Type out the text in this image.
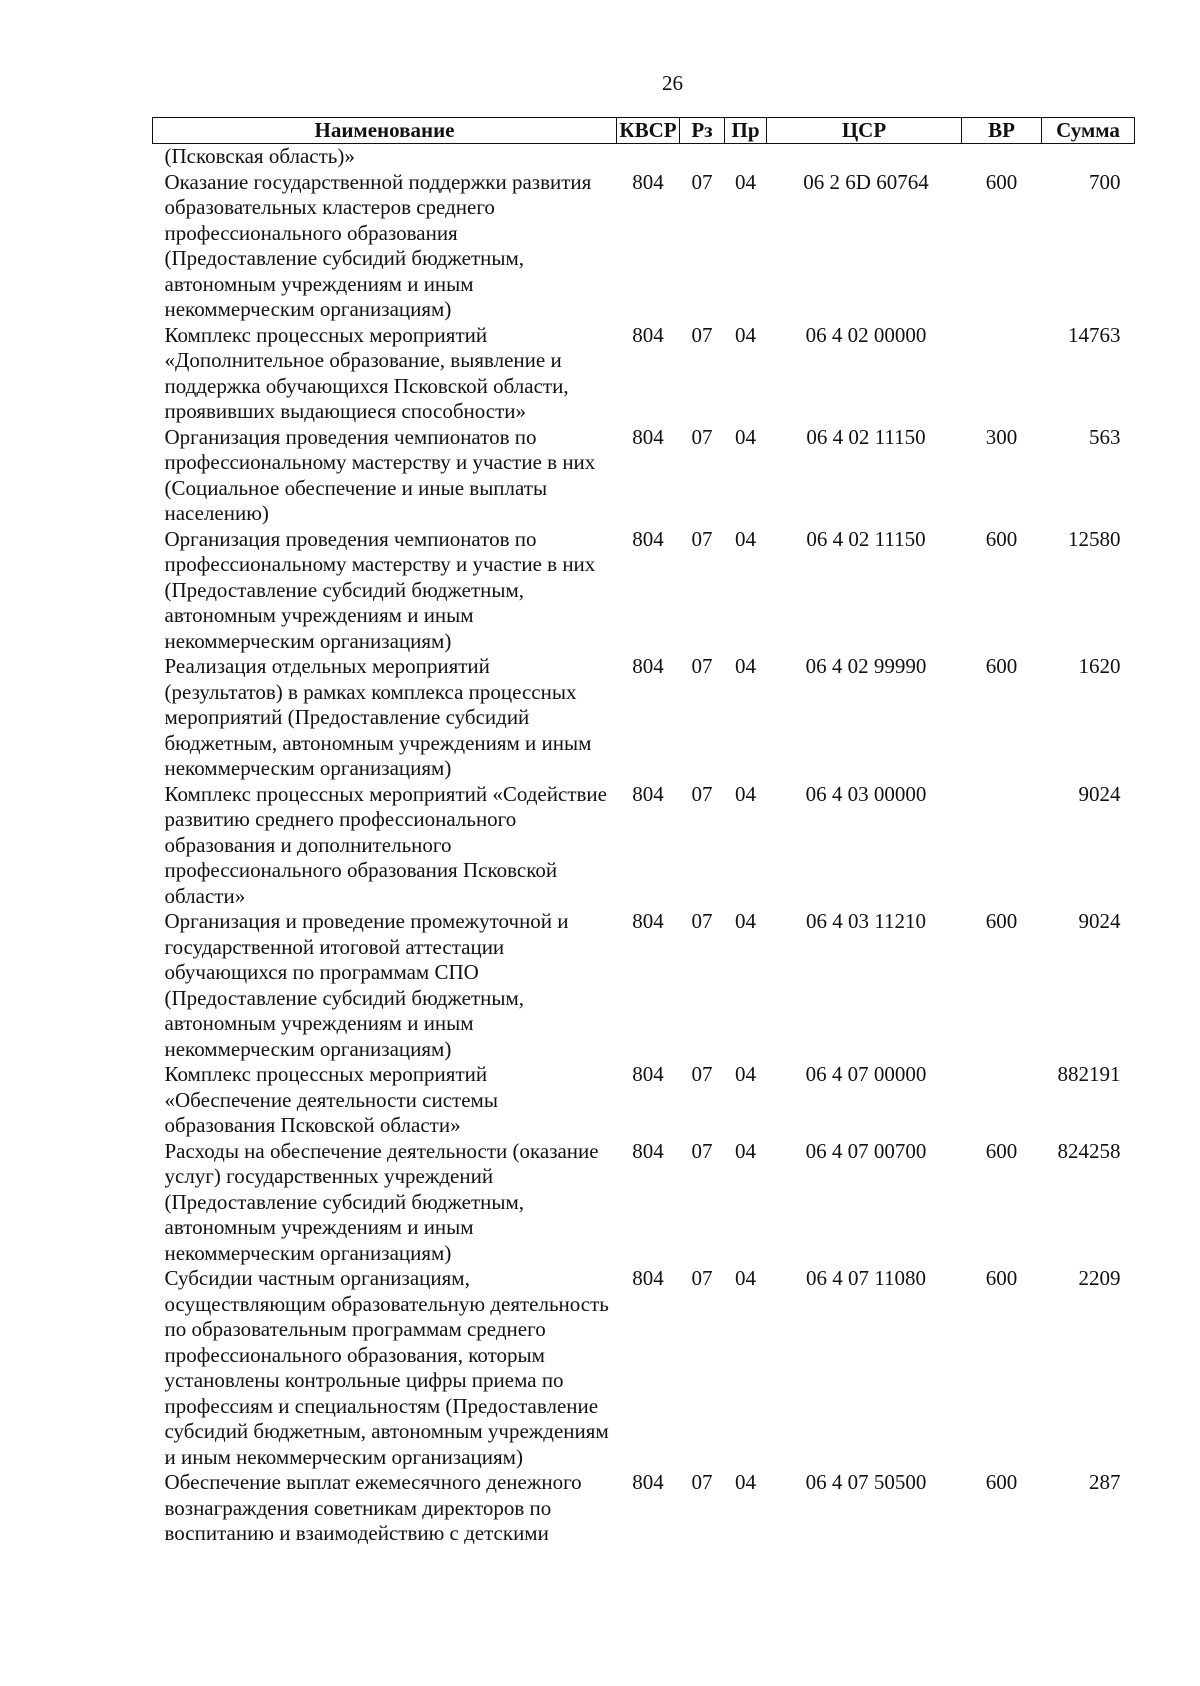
26
Наименование	КВСР	Рз	Пр	ЦСР	ВР	Сумма
(Псковская область)»						
Оказание государственной поддержки развития образовательных кластеров среднего профессионального образования (Предоставление субсидий бюджетным, автономным учреждениям и иным некоммерческим организациям)	804	07	04	06 2 6D 60764	600	700
Комплекс процессных мероприятий «Дополнительное образование, выявление и поддержка обучающихся Псковской области, проявивших выдающиеся способности»	804	07	04	06 4 02 00000		14763
Организация проведения чемпионатов по профессиональному мастерству и участие в них (Социальное обеспечение и иные выплаты населению)	804	07	04	06 4 02 11150	300	563
Организация проведения чемпионатов по профессиональному мастерству и участие в них (Предоставление субсидий бюджетным, автономным учреждениям и иным некоммерческим организациям)	804	07	04	06 4 02 11150	600	12580
Реализация отдельных мероприятий (результатов) в рамках комплекса процессных мероприятий (Предоставление субсидий бюджетным, автономным учреждениям и иным некоммерческим организациям)	804	07	04	06 4 02 99990	600	1620
Комплекс процессных мероприятий «Содействие развитию среднего профессионального образования и дополнительного профессионального образования Псковской области»	804	07	04	06 4 03 00000		9024
Организация и проведение промежуточной и государственной итоговой аттестации обучающихся по программам СПО (Предоставление субсидий бюджетным, автономным учреждениям и иным некоммерческим организациям)	804	07	04	06 4 03 11210	600	9024
Комплекс процессных мероприятий «Обеспечение деятельности системы образования Псковской области»	804	07	04	06 4 07 00000		882191
Расходы на обеспечение деятельности (оказание услуг) государственных учреждений (Предоставление субсидий бюджетным, автономным учреждениям и иным некоммерческим организациям)	804	07	04	06 4 07 00700	600	824258
Субсидии частным организациям, осуществляющим образовательную деятельность по образовательным программам среднего профессионального образования, которым установлены контрольные цифры приема по профессиям и специальностям (Предоставление субсидий бюджетным, автономным учреждениям и иным некоммерческим организациям)	804	07	04	06 4 07 11080	600	2209
Обеспечение выплат ежемесячного денежного вознаграждения советникам директоров по воспитанию и взаимодействию с детскими	804	07	04	06 4 07 50500	600	287
